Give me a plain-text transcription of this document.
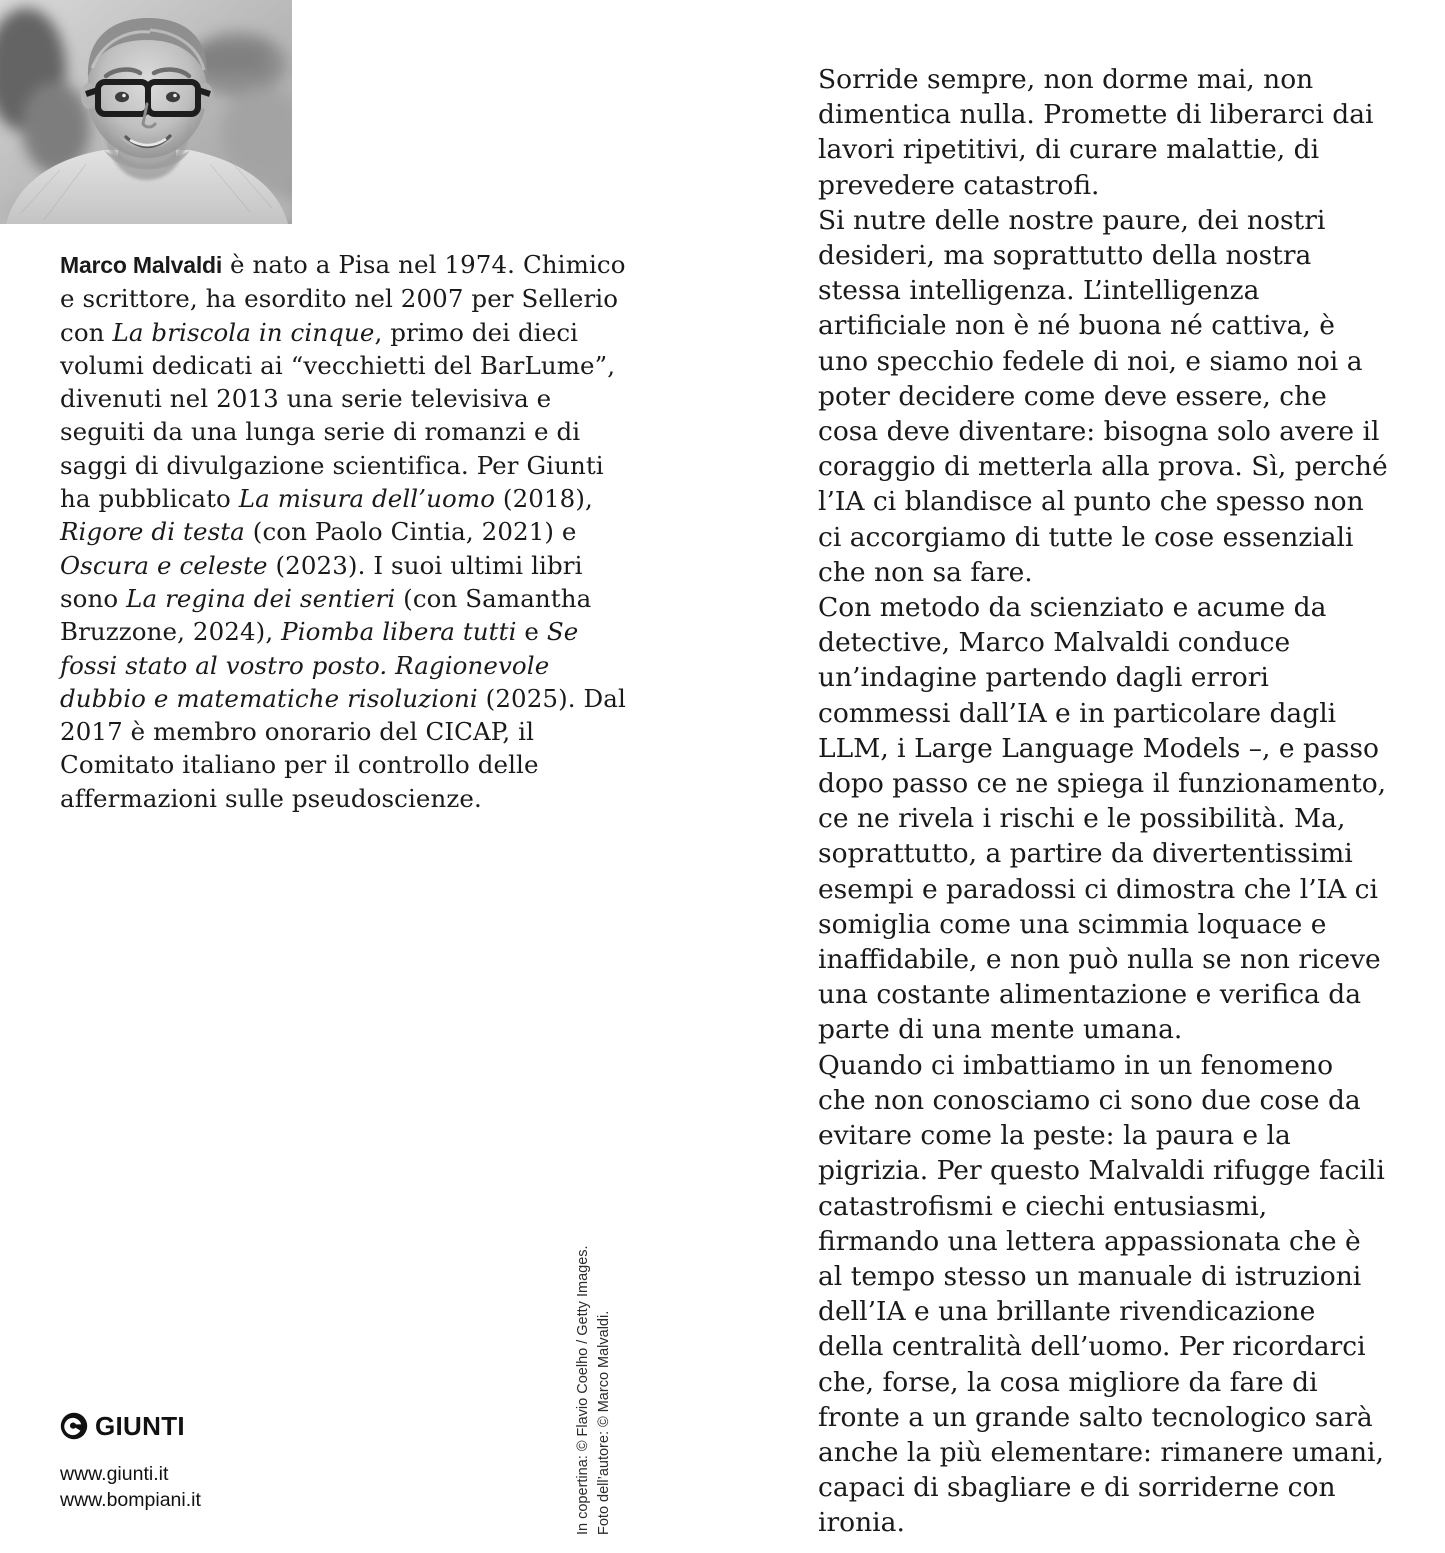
Marco Malvaldi è nato a Pisa nel 1974. Chimico e scrittore, ha esordito nel 2007 per Sellerio con La briscola in cinque, primo dei dieci volumi dedicati ai “vecchietti del BarLume”, divenuti nel 2013 una serie televisiva e seguiti da una lunga serie di romanzi e di saggi di divulgazione scientifica. Per Giunti ha pubblicato La misura dell’uomo (2018), Rigore di testa (con Paolo Cintia, 2021) e Oscura e celeste (2023). I suoi ultimi libri sono La regina dei sentieri (con Samantha Bruzzone, 2024), Piomba libera tutti e Se fossi stato al vostro posto. Ragionevole dubbio e matematiche risoluzioni (2025). Dal 2017 è membro onorario del CICAP, il Comitato italiano per il controllo delle affermazioni sulle pseudoscienze.

Sorride sempre, non dorme mai, non dimentica nulla. Promette di liberarci dai lavori ripetitivi, di curare malattie, di prevedere catastrofi.

Si nutre delle nostre paure, dei nostri desideri, ma soprattutto della nostra stessa intelligenza. L’intelligenza artificiale non è né buona né cattiva, è uno specchio fedele di noi, e siamo noi a poter decidere come deve essere, che cosa deve diventare: bisogna solo avere il coraggio di metterla alla prova. Sì, perché l’IA ci blandisce al punto che spesso non ci accorgiamo di tutte le cose essenziali che non sa fare.

Con metodo da scienziato e acume da detective, Marco Malvaldi conduce un’indagine partendo dagli errori commessi dall’IA e in particolare dagli LLM, i Large Language Models –, e passo dopo passo ce ne spiega il funzionamento, ce ne rivela i rischi e le possibilità. Ma, soprattutto, a partire da divertentissimi esempi e paradossi ci dimostra che l’IA ci somiglia come una scimmia loquace e inaffidabile, e non può nulla se non riceve una costante alimentazione e verifica da parte di una mente umana.

Quando ci imbattiamo in un fenomeno che non conosciamo ci sono due cose da evitare come la peste: la paura e la pigrizia. Per questo Malvaldi rifugge facili catastrofismi e ciechi entusiasmi, firmando una lettera appassionata che è al tempo stesso un manuale di istruzioni dell’IA e una brillante rivendicazione della centralità dell’uomo. Per ricordarci che, forse, la cosa migliore da fare di fronte a un grande salto tecnologico sarà anche la più elementare: rimanere umani, capaci di sbagliare e di sorriderne con ironia.

In copertina: © Flavio Coelho / Getty Images. Foto dell’autore: © Marco Malvaldi.
GIUNTI
www.giunti.it
www.bompiani.it
